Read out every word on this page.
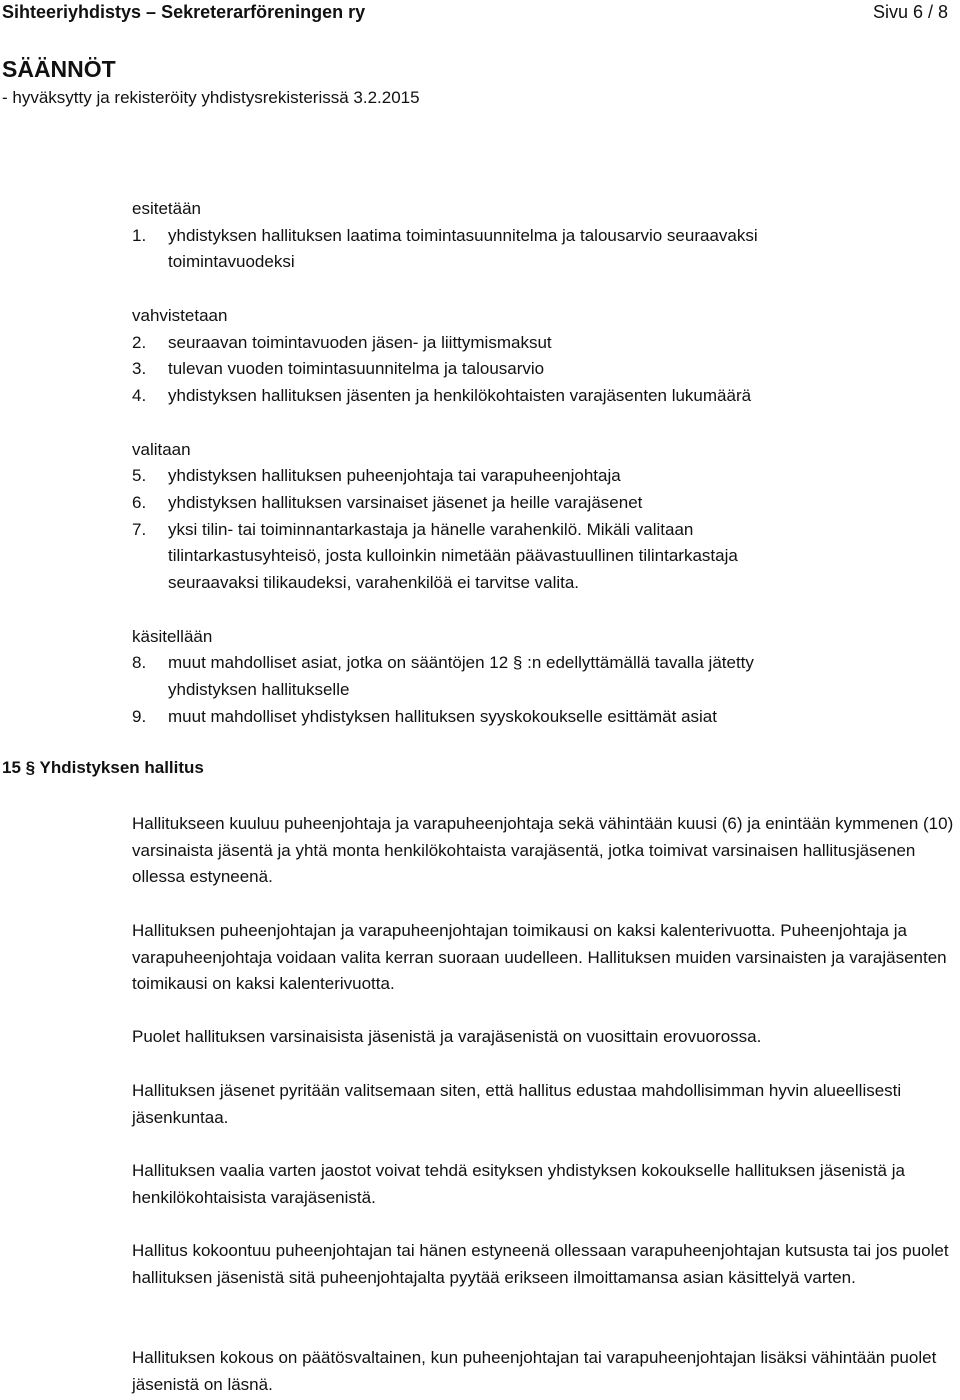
Sihteeriyhdistys – Sekreterarföreningen ry	Sivu 6 / 8
SÄÄNNÖT
- hyväksytty ja rekisteröity yhdistysrekisterissä 3.2.2015
esitetään
1. yhdistyksen hallituksen laatima toimintasuunnitelma ja talousarvio seuraavaksi
toimintavuodeksi
vahvistetaan
2. seuraavan toimintavuoden jäsen- ja liittymismaksut
3. tulevan vuoden toimintasuunnitelma ja talousarvio
4. yhdistyksen hallituksen jäsenten ja henkilökohtaisten varajäsenten lukumäärä
valitaan
5. yhdistyksen hallituksen puheenjohtaja tai varapuheenjohtaja
6. yhdistyksen hallituksen varsinaiset jäsenet ja heille varajäsenet
7. yksi tilin- tai toiminnantarkastaja ja hänelle varahenkilö. Mikäli valitaan
tilintarkastusyhteisö, josta kulloinkin nimetään päävastuullinen tilintarkastaja
seuraavaksi tilikaudeksi, varahenkilöä ei tarvitse valita.
käsitellään
8. muut mahdolliset asiat, jotka on sääntöjen 12 § :n edellyttämällä tavalla jätetty
yhdistyksen hallitukselle
9. muut mahdolliset yhdistyksen hallituksen syyskokoukselle esittämät asiat
15 § Yhdistyksen hallitus
Hallitukseen kuuluu puheenjohtaja ja varapuheenjohtaja sekä vähintään kuusi (6) ja enintään kymmenen (10) varsinaista jäsentä ja yhtä monta henkilökohtaista varajäsentä, jotka toimivat varsinaisen hallitusjäsenen ollessa estyneenä.
Hallituksen puheenjohtajan ja varapuheenjohtajan toimikausi on kaksi kalenterivuotta. Puheenjohtaja ja varapuheenjohtaja voidaan valita kerran suoraan uudelleen. Hallituksen muiden varsinaisten ja varajäsenten toimikausi on kaksi kalenterivuotta.
Puolet hallituksen varsinaisista jäsenistä ja varajäsenistä on vuosittain erovuorossa.
Hallituksen jäsenet pyritään valitsemaan siten, että hallitus edustaa mahdollisimman hyvin alueellisesti jäsenkuntaa.
Hallituksen vaalia varten jaostot voivat tehdä esityksen yhdistyksen kokoukselle hallituksen jäsenistä ja henkilökohtaisista varajäsenistä.
Hallitus kokoontuu puheenjohtajan tai hänen estyneenä ollessaan varapuheenjohtajan kutsusta tai jos puolet hallituksen jäsenistä sitä puheenjohtajalta pyytää erikseen ilmoittamansa asian käsittelyä varten.
Hallituksen kokous on päätösvaltainen, kun puheenjohtajan tai varapuheenjohtajan lisäksi vähintään puolet jäsenistä on läsnä.
